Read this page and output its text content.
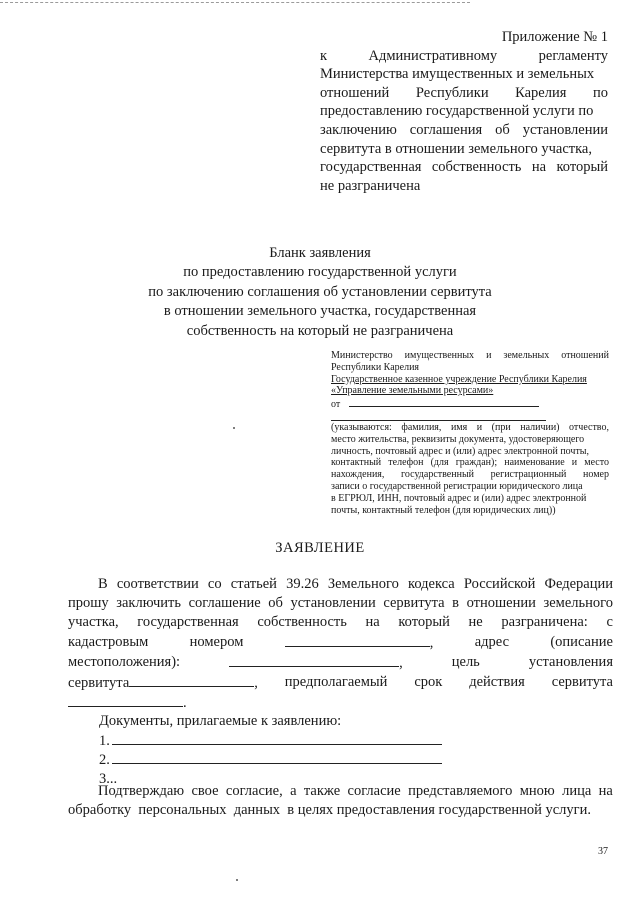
Приложение № 1
к	Административному	регламенту
Министерства имущественных и земельных
отношений Республики Карелия по
предоставлению государственной услуги по
заключению соглашения об установлении
сервитута в отношении земельного участка,
государственная собственность на который
не разграничена
Бланк заявления
по предоставлению государственной услуги
по заключению соглашения об установлении сервитута
в отношении земельного участка, государственная
собственность на который не разграничена
Министерство имущественных и земельных отношений
Республики Карелия
Государственное казенное учреждение Республики Карелия
«Управление земельными ресурсами»
от
(указываются: фамилия, имя и (при наличии) отчество,
место жительства, реквизиты документа, удостоверяющего
личность, почтовый адрес и (или) адрес электронной почты,
контактный телефон (для граждан); наименование и место
нахождения, государственный регистрационный номер
записи о государственной регистрации юридического лица
в ЕГРЮЛ, ИНН, почтовый адрес и (или) адрес электронной
почты, контактный телефон (для юридических лиц))
ЗАЯВЛЕНИЕ
В соответствии со статьей 39.26 Земельного кодекса Российской Федерации
прошу заключить соглашение об установлении сервитута в отношении земельного
участка, государственная собственность на который не разграничена: с
кадастровым	номером	,	адрес	(описание
местоположения):	,	цель	установления
сервитута	, предполагаемый срок действия сервитута
.
Документы, прилагаемые к заявлению:
1.
2.
3...
Подтверждаю свое согласие, а также согласие представляемого мною лица на
обработку  персональных  данных  в целях предоставления государственной услуги.
37
